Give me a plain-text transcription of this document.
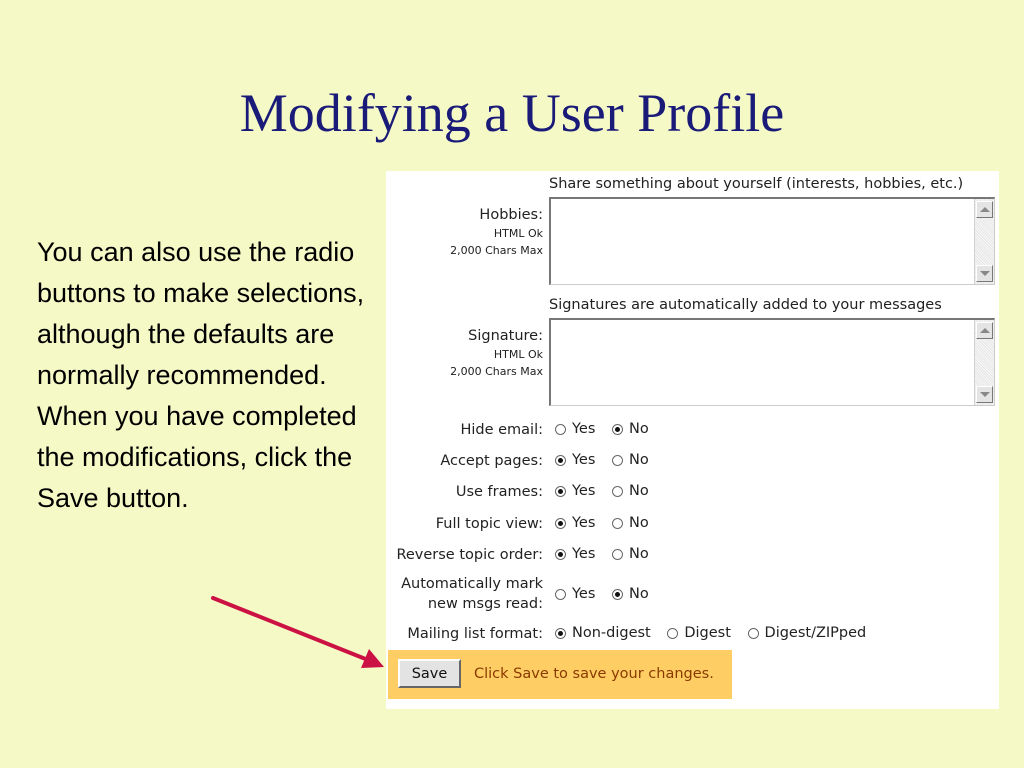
Modifying a User Profile

You can also use the radio buttons to make selections, although the defaults are normally recommended.  When you have completed the modifications, click the Save button.

Share something about yourself (interests, hobbies, etc.)
Hobbies:
HTML Ok
2,000 Chars Max
Signatures are automatically added to your messages
Signature:
HTML Ok
2,000 Chars Max
Hide email: Yes
No
Accept pages: Yes
No
Use frames: Yes
No
Full topic view: Yes
No
Reverse topic order: Yes
No
Automatically mark
new msgs read:
Yes
No
Mailing list format: Non-digest
Digest
Digest/ZIPped
Save	Click Save to save your changes.
